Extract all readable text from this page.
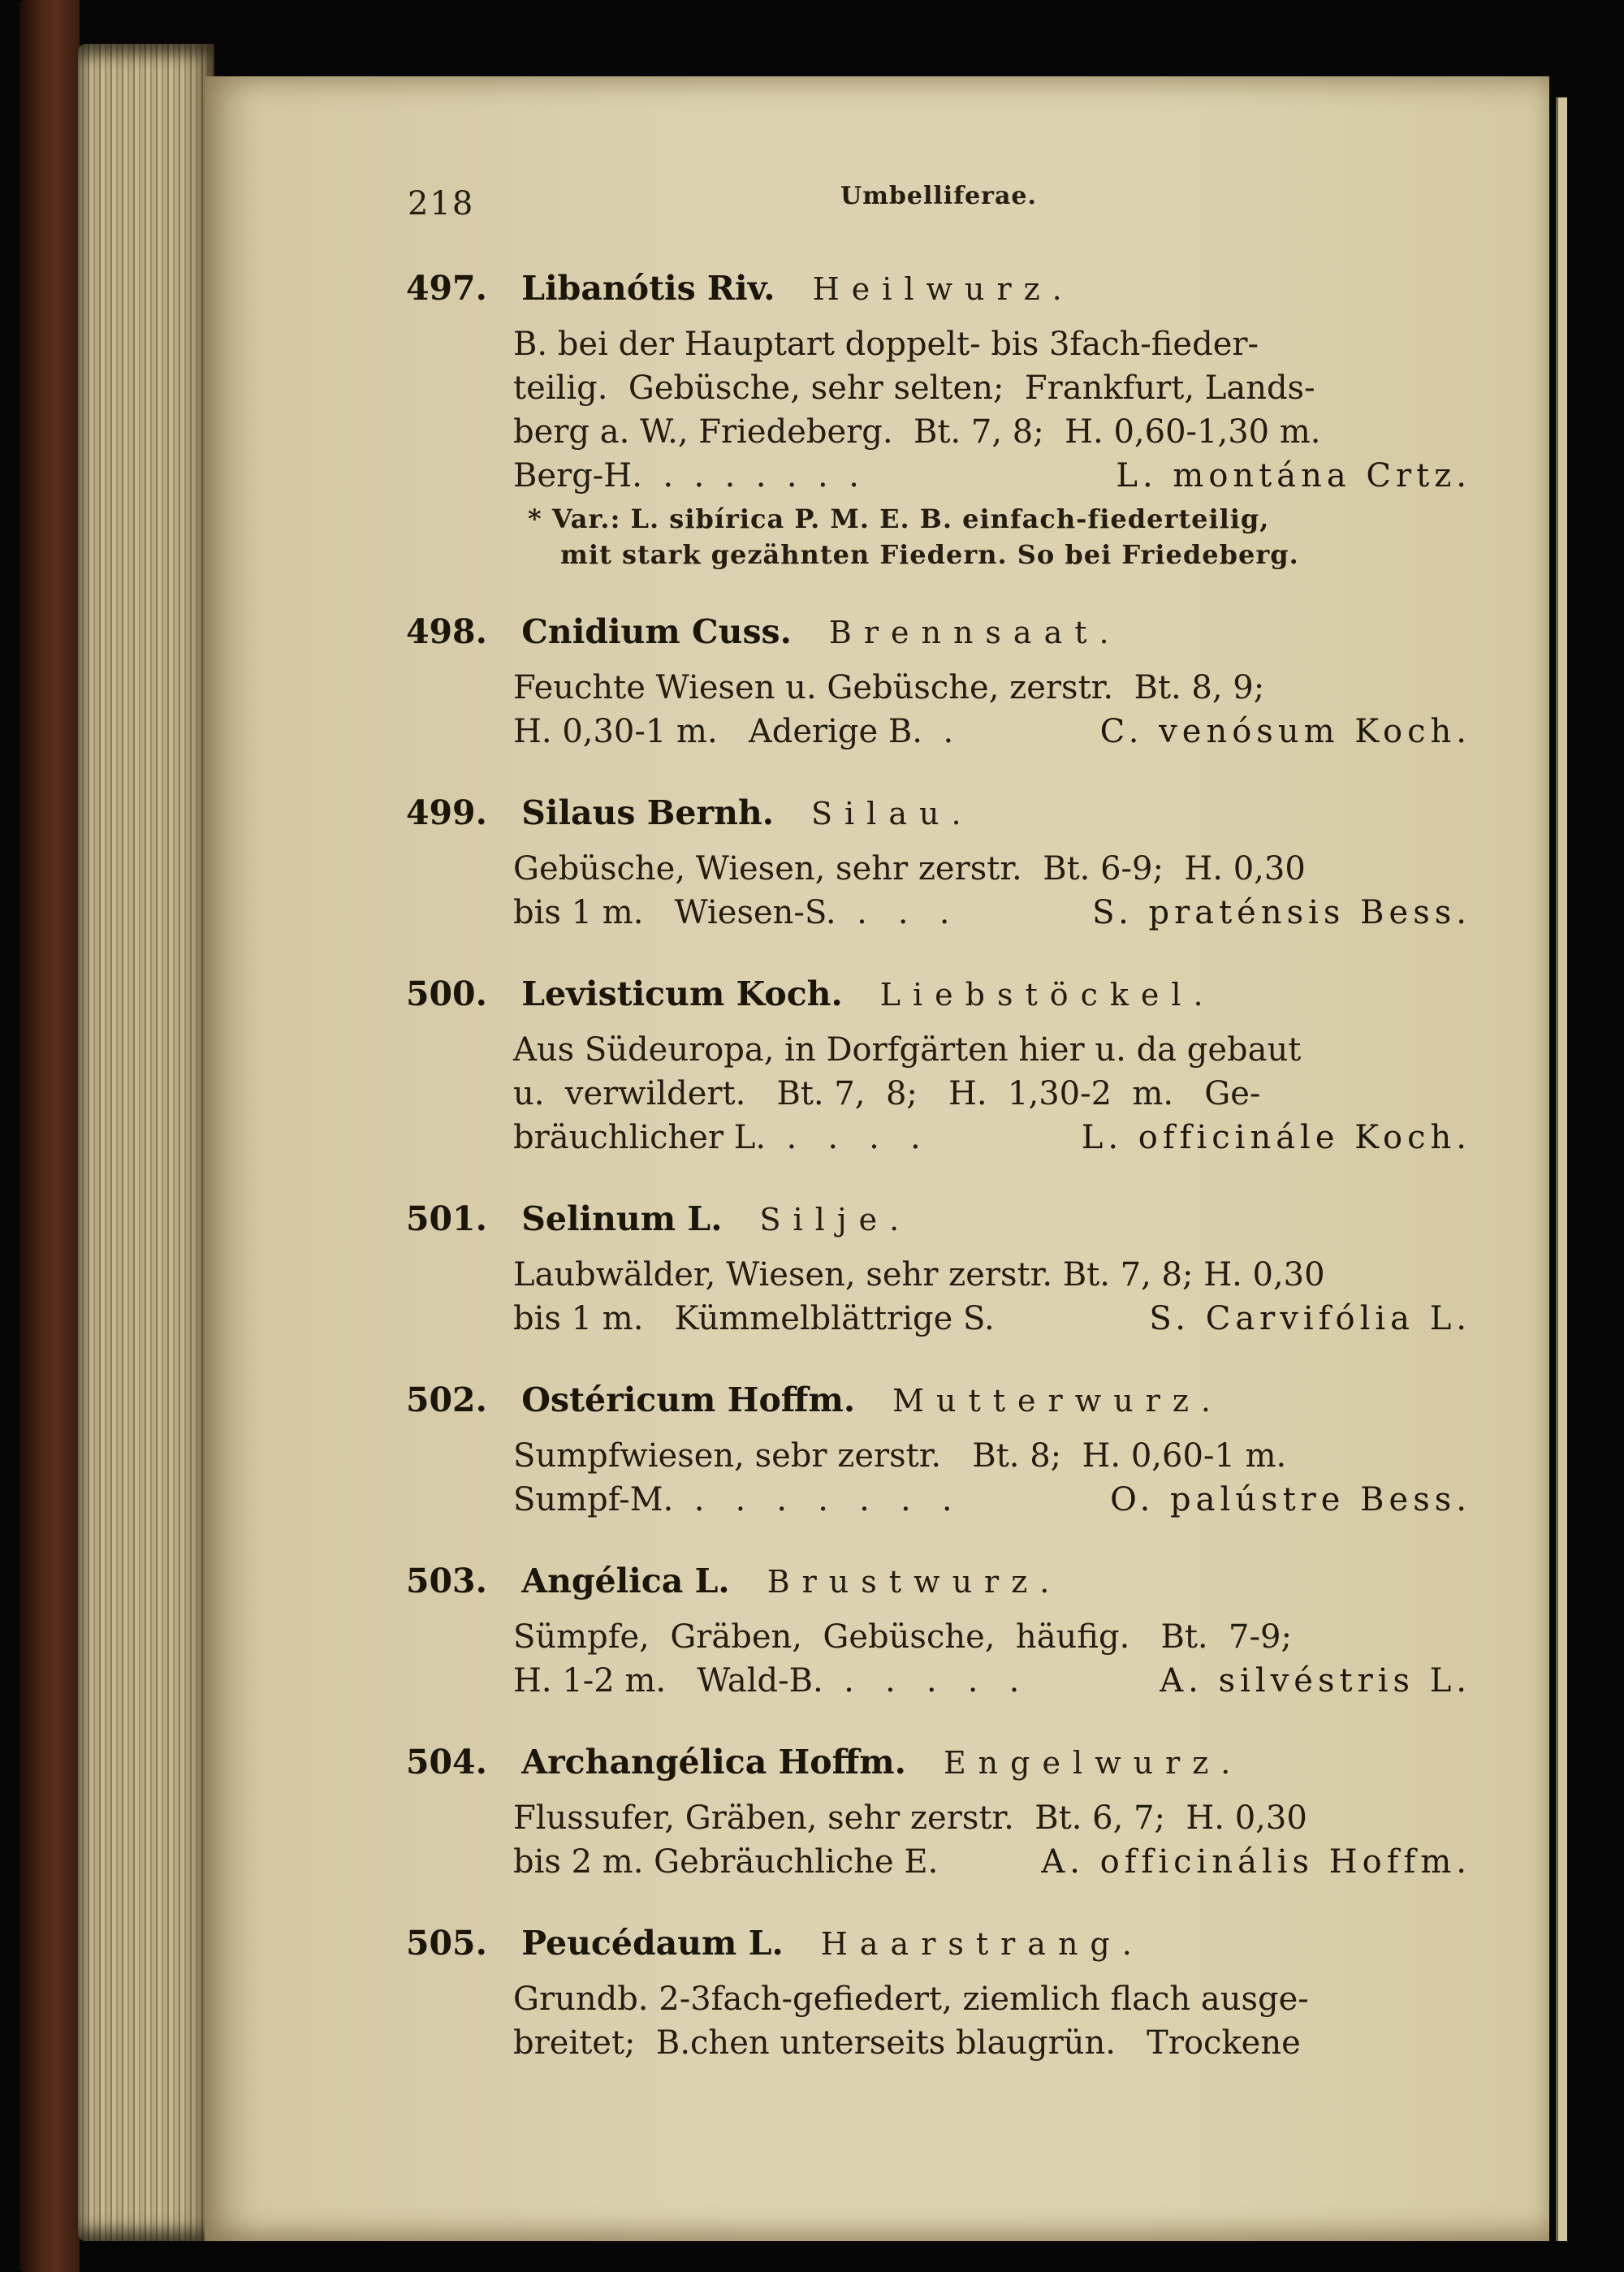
218	Umbelliferae.
497. Libanótis Riv. Heilwurz.
B. bei der Hauptart doppelt- bis 3fach-fieder-
teilig.  Gebüsche, sehr selten;  Frankfurt, Lands-
berg a. W., Friedeberg.  Bt. 7, 8;  H. 0,60-1,30 m.
Berg-H.  .  .  .  .  .  .  .	L. montána Crtz.
* Var.: L. sibírica P. M. E. B. einfach-fiederteilig,
mit stark gezähnten Fiedern. So bei Friedeberg.
498. Cnidium Cuss. Brennsaat.
Feuchte Wiesen u. Gebüsche, zerstr.  Bt. 8, 9;
H. 0,30-1 m.   Aderige B.  .	C. venósum Koch.
499. Silaus Bernh. Silau.
Gebüsche, Wiesen, sehr zerstr.  Bt. 6-9;  H. 0,30
bis 1 m.   Wiesen-S.  .   .   .	S. praténsis Bess.
500. Levisticum Koch. Liebstöckel.
Aus Südeuropa, in Dorfgärten hier u. da gebaut
u.  verwildert.   Bt. 7,  8;   H.  1,30-2  m.   Ge-
bräuchlicher L.  .   .   .   .	L. officinále Koch.
501. Selinum L. Silje.
Laubwälder, Wiesen, sehr zerstr. Bt. 7, 8; H. 0,30
bis 1 m.   Kümmelblättrige S.	S. Carvifólia L.
502. Ostéricum Hoffm. Mutterwurz.
Sumpfwiesen, sebr zerstr.   Bt. 8;  H. 0,60-1 m.
Sumpf-M.  .   .   .   .   .   .   .	O. palústre Bess.
503. Angélica L. Brustwurz.
Sümpfe,  Gräben,  Gebüsche,  häufig.   Bt.  7-9;
H. 1-2 m.   Wald-B.  .   .   .   .   .	A. silvéstris L.
504. Archangélica Hoffm. Engelwurz.
Flussufer, Gräben, sehr zerstr.  Bt. 6, 7;  H. 0,30
bis 2 m. Gebräuchliche E.	A. officinális Hoffm.
505. Peucédaum L. Haarstrang.
Grundb. 2-3fach-gefiedert, ziemlich flach ausge-
breitet;  B.chen unterseits blaugrün.   Trockene
